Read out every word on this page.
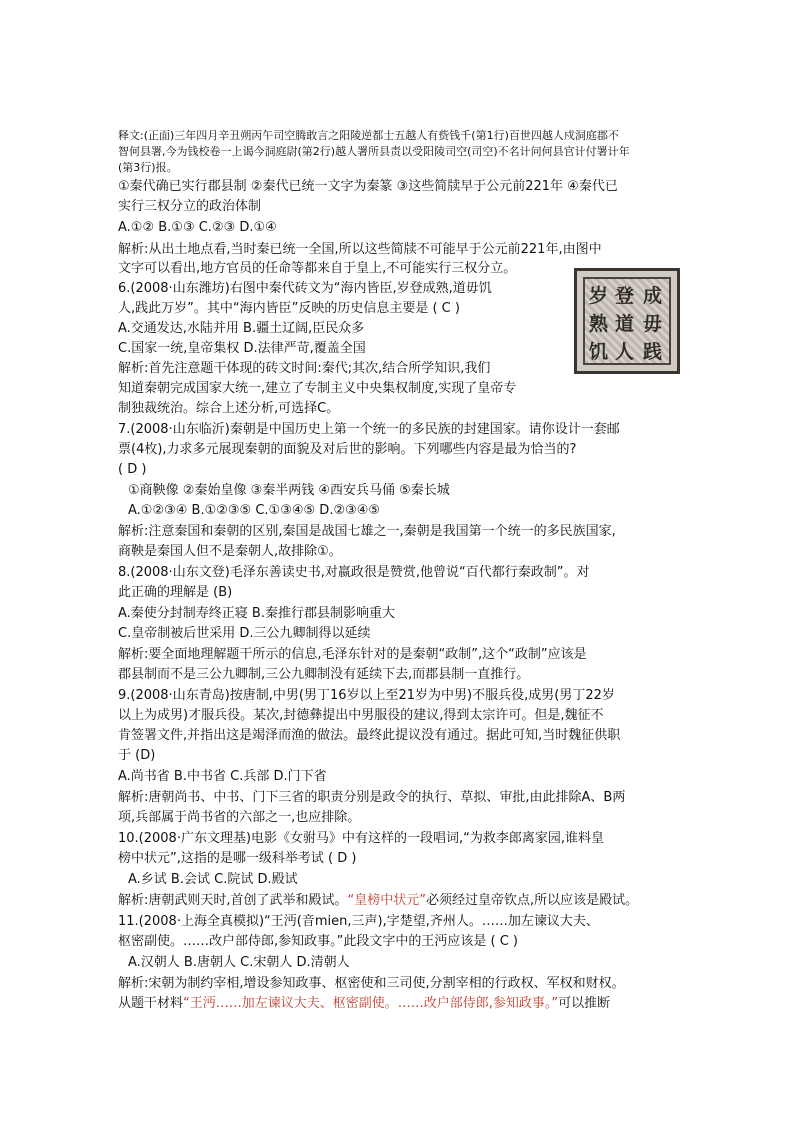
释文:(正面)三年四月辛丑朔丙午司空腾敢言之阳陵逆都士五越人有赀钱千(第1行)百世四越人戍洞庭郡不
智何县署,今为钱校卷一上谒今洞庭尉(第2行)越人署所县责以受阳陵司空(司空)不名计问何县官计付署计年
(第3行)报。
①秦代确已实行郡县制 ②秦代已统一文字为秦篆 ③这些简牍早于公元前221年 ④秦代已
实行三权分立的政治体制
A.①② B.①③ C.②③ D.①④
解析:从出土地点看,当时秦已统一全国,所以这些简牍不可能早于公元前221年,由图中
文字可以看出,地方官员的任命等都来自于皇上,不可能实行三权分立。
6.(2008·山东潍坊)右图中秦代砖文为“海内皆臣,岁登成熟,道毋饥
人,践此万岁”。其中“海内皆臣”反映的历史信息主要是 ( C )
A.交通发达,水陆并用 B.疆土辽阔,臣民众多
C.国家一统,皇帝集权 D.法律严苛,覆盖全国
解析:首先注意题干体现的砖文时间:秦代;其次,结合所学知识,我们
知道秦朝完成国家大统一,建立了专制主义中央集权制度,实现了皇帝专
制独裁统治。综合上述分析,可选择C。
7.(2008·山东临沂)秦朝是中国历史上第一个统一的多民族的封建国家。请你设计一套邮
票(4枚),力求多元展现秦朝的面貌及对后世的影响。下列哪些内容是最为恰当的?
( D )
①商鞅像 ②秦始皇像 ③秦半两钱 ④西安兵马俑 ⑤秦长城
A.①②③④ B.①②③⑤ C.①③④⑤ D.②③④⑤
解析:注意秦国和秦朝的区别,秦国是战国七雄之一,秦朝是我国第一个统一的多民族国家,
商鞅是秦国人但不是秦朝人,故排除①。
8.(2008·山东文登)毛泽东善读史书,对嬴政很是赞赏,他曾说“百代都行秦政制”。对
此正确的理解是 (B)
A.秦使分封制寿终正寝 B.秦推行郡县制影响重大
C.皇帝制被后世采用 D.三公九卿制得以延续
解析:要全面地理解题干所示的信息,毛泽东针对的是秦朝“政制”,这个“政制”应该是
郡县制而不是三公九卿制,三公九卿制没有延续下去,而郡县制一直推行。
9.(2008·山东青岛)按唐制,中男(男丁16岁以上至21岁为中男)不服兵役,成男(男丁22岁
以上为成男)才服兵役。某次,封德彝提出中男服役的建议,得到太宗许可。但是,魏征不
肯签署文件,并指出这是竭泽而渔的做法。最终此提议没有通过。据此可知,当时魏征供职
于 (D)
A.尚书省 B.中书省 C.兵部 D.门下省
解析:唐朝尚书、中书、门下三省的职责分别是政令的执行、草拟、审批,由此排除A、B两
项,兵部属于尚书省的六部之一,也应排除。
10.(2008·广东文理基)电影《女驸马》中有这样的一段唱词,“为救李郎离家园,谁料皇
榜中状元”,这指的是哪一级科举考试 ( D )
A.乡试 B.会试 C.院试 D.殿试
解析:唐朝武则天时,首创了武举和殿试。“皇榜中状元”必须经过皇帝钦点,所以应该是殿试。
11.(2008·上海全真模拟)“王沔(音mien,三声),字楚望,齐州人。……加左谏议大夫、
枢密副使。……改户部侍郎,参知政事。”此段文字中的王沔应该是 ( C )
A.汉朝人 B.唐朝人 C.宋朝人 D.清朝人
解析:宋朝为制约宰相,增设参知政事、枢密使和三司使,分割宰相的行政权、军权和财权。
从题干材料“王沔……加左谏议大夫、枢密副使。……改户部侍郎,参知政事。”可以推断
岁 登 成
熟 道 毋
饥 人 践
